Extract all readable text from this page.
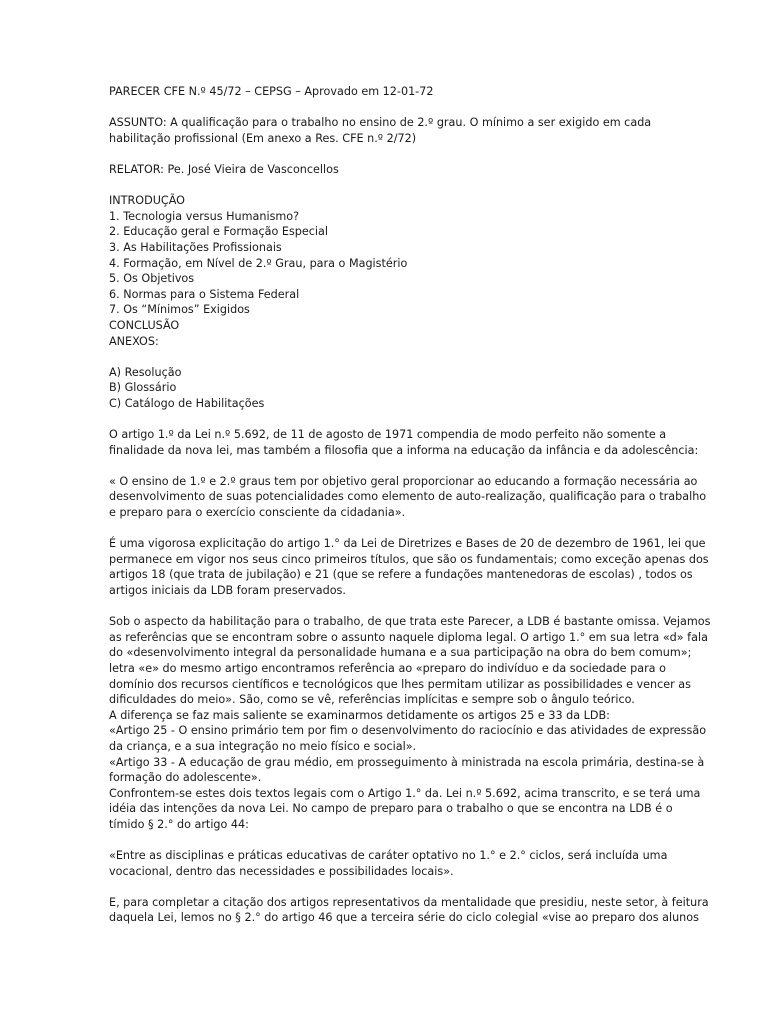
PARECER CFE N.º 45/72 – CEPSG – Aprovado em 12-01-72
ASSUNTO: A qualificação para o trabalho no ensino de 2.º grau. O mínimo a ser exigido em cada
habilitação profissional (Em anexo a Res. CFE n.º 2/72)
RELATOR: Pe. José Vieira de Vasconcellos
INTRODUÇÃO
1. Tecnologia versus Humanismo?
2. Educação geral e Formação Especial
3. As Habilitações Profissionais
4. Formação, em Nível de 2.º Grau, para o Magistério
5. Os Objetivos
6. Normas para o Sistema Federal
7. Os “Mínimos” Exigidos
CONCLUSÃO
ANEXOS:
A) Resolução
B) Glossário
C) Catálogo de Habilitações
O artigo 1.º da Lei n.º 5.692, de 11 de agosto de 1971 compendia de modo perfeito não somente a
finalidade da nova lei, mas também a filosofia que a informa na educação da infância e da adolescência:
« O ensino de 1.º e 2.º graus tem por objetivo geral proporcionar ao educando a formação necessária ao
desenvolvimento de suas potencialidades como elemento de auto-realização, qualificação para o trabalho
e preparo para o exercício consciente da cidadania».
É uma vigorosa explicitação do artigo 1.° da Lei de Diretrizes e Bases de 20 de dezembro de 1961, lei que
permanece em vigor nos seus cinco primeiros títulos, que são os fundamentais; como exceção apenas dos
artigos 18 (que trata de jubilação) e 21 (que se refere a fundações mantenedoras de escolas) , todos os
artigos iniciais da LDB foram preservados.
Sob o aspecto da habilitação para o trabalho, de que trata este Parecer, a LDB é bastante omissa. Vejamos
as referências que se encontram sobre o assunto naquele diploma legal. O artigo 1.° em sua letra «d» fala
do «desenvolvimento integral da personalidade humana e a sua participação na obra do bem comum»;
letra «e» do mesmo artigo encontramos referência ao «preparo do indivíduo e da sociedade para o
domínio dos recursos científicos e tecnológicos que lhes permitam utilizar as possibilidades e vencer as
dificuldades do meio». São, como se vê, referências implícitas e sempre sob o ângulo teórico.
A diferença se faz mais saliente se examinarmos detidamente os artigos 25 e 33 da LDB:
«Artigo 25 - O ensino primário tem por fim o desenvolvimento do raciocínio e das atividades de expressão
da criança, e a sua integração no meio físico e social».
«Artigo 33 - A educação de grau médio, em prosseguimento à ministrada na escola primária, destina-se à
formação do adolescente».
Confrontem-se estes dois textos legais com o Artigo 1.° da. Lei n.º 5.692, acima transcrito, e se terá uma
idéia das intenções da nova Lei. No campo de preparo para o trabalho o que se encontra na LDB é o
tímido § 2.° do artigo 44:
«Entre as disciplinas e práticas educativas de caráter optativo no 1.° e 2.° ciclos, será incluída uma
vocacional, dentro das necessidades e possibilidades locais».
E, para completar a citação dos artigos representativos da mentalidade que presidiu, neste setor, à feitura
daquela Lei, lemos no § 2.° do artigo 46 que a terceira série do ciclo colegial «vise ao preparo dos alunos
